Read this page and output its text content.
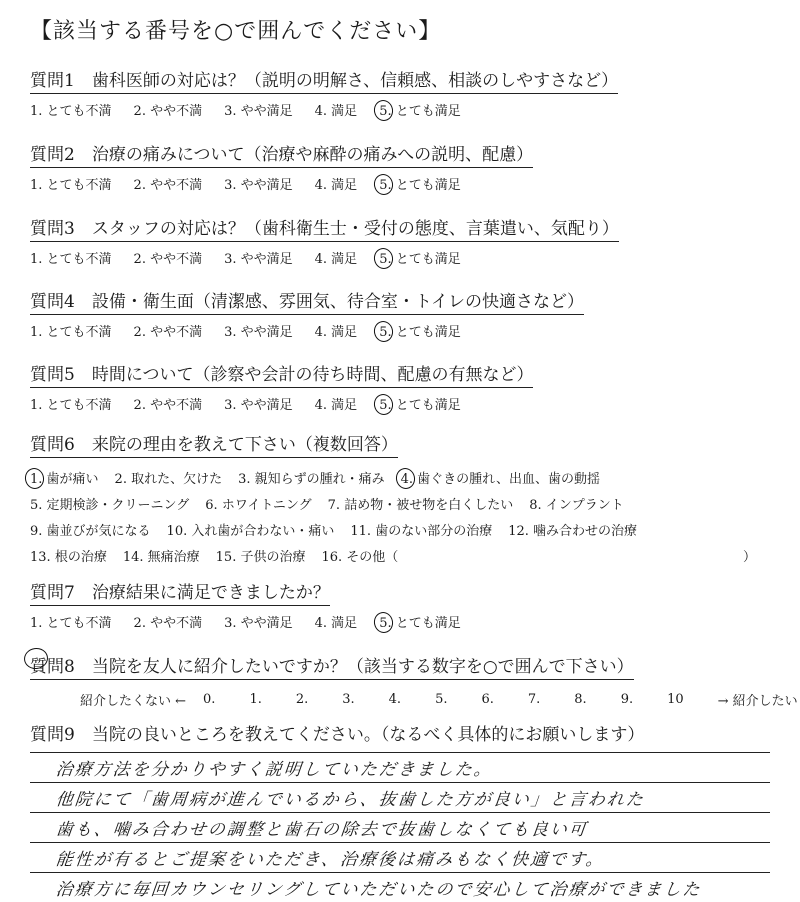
【該当する番号を○で囲んでください】
質問1　歯科医師の対応は？（説明の明解さ、信頼感、相談のしやすさなど）
1. とても不満 2. やや不満 3. やや満足 4. 満足 5. とても満足
質問2　治療の痛みについて（治療や麻酔の痛みへの説明、配慮）
1. とても不満 2. やや不満 3. やや満足 4. 満足 5. とても満足
質問3　スタッフの対応は？（歯科衛生士・受付の態度、言葉遣い、気配り）
1. とても不満 2. やや不満 3. やや満足 4. 満足 5. とても満足
質問4　設備・衛生面（清潔感、雰囲気、待合室・トイレの快適さなど）
1. とても不満 2. やや不満 3. やや満足 4. 満足 5. とても満足
質問5　時間について（診察や会計の待ち時間、配慮の有無など）
1. とても不満 2. やや不満 3. やや満足 4. 満足 5. とても満足
質問6　来院の理由を教えて下さい（複数回答）
1. 歯が痛い 2. 取れた、欠けた 3. 親知らずの腫れ・痛み 4. 歯ぐきの腫れ、出血、歯の動揺
5. 定期検診・クリーニング 6. ホワイトニング 7. 詰め物・被せ物を白くしたい 8. インプラント
9. 歯並びが気になる 10. 入れ歯が合わない・痛い 11. 歯のない部分の治療 12. 噛み合わせの治療
13. 根の治療 14. 無痛治療 15. 子供の治療 16. その他（	）
質問7　治療結果に満足できましたか？
1. とても不満 2. やや不満 3. やや満足 4. 満足 5. とても満足
質問8　当院を友人に紹介したいですか？（該当する数字を○で囲んで下さい）
紹介したくない ← 0.	1.	2.	3.	4.	5.	6.	7.	8.	9.	10	→ 紹介したい
質問9　当院の良いところを教えてください。（なるべく具体的にお願いします）
治療方法を分かりやすく説明していただきました。
他院にて「歯周病が進んでいるから、抜歯した方が良い」と言われた
歯も、噛み合わせの調整と歯石の除去で抜歯しなくても良い可
能性が有るとご提案をいただき、治療後は痛みもなく快適です。
治療方に毎回カウンセリングしていただいたので安心して治療ができました
